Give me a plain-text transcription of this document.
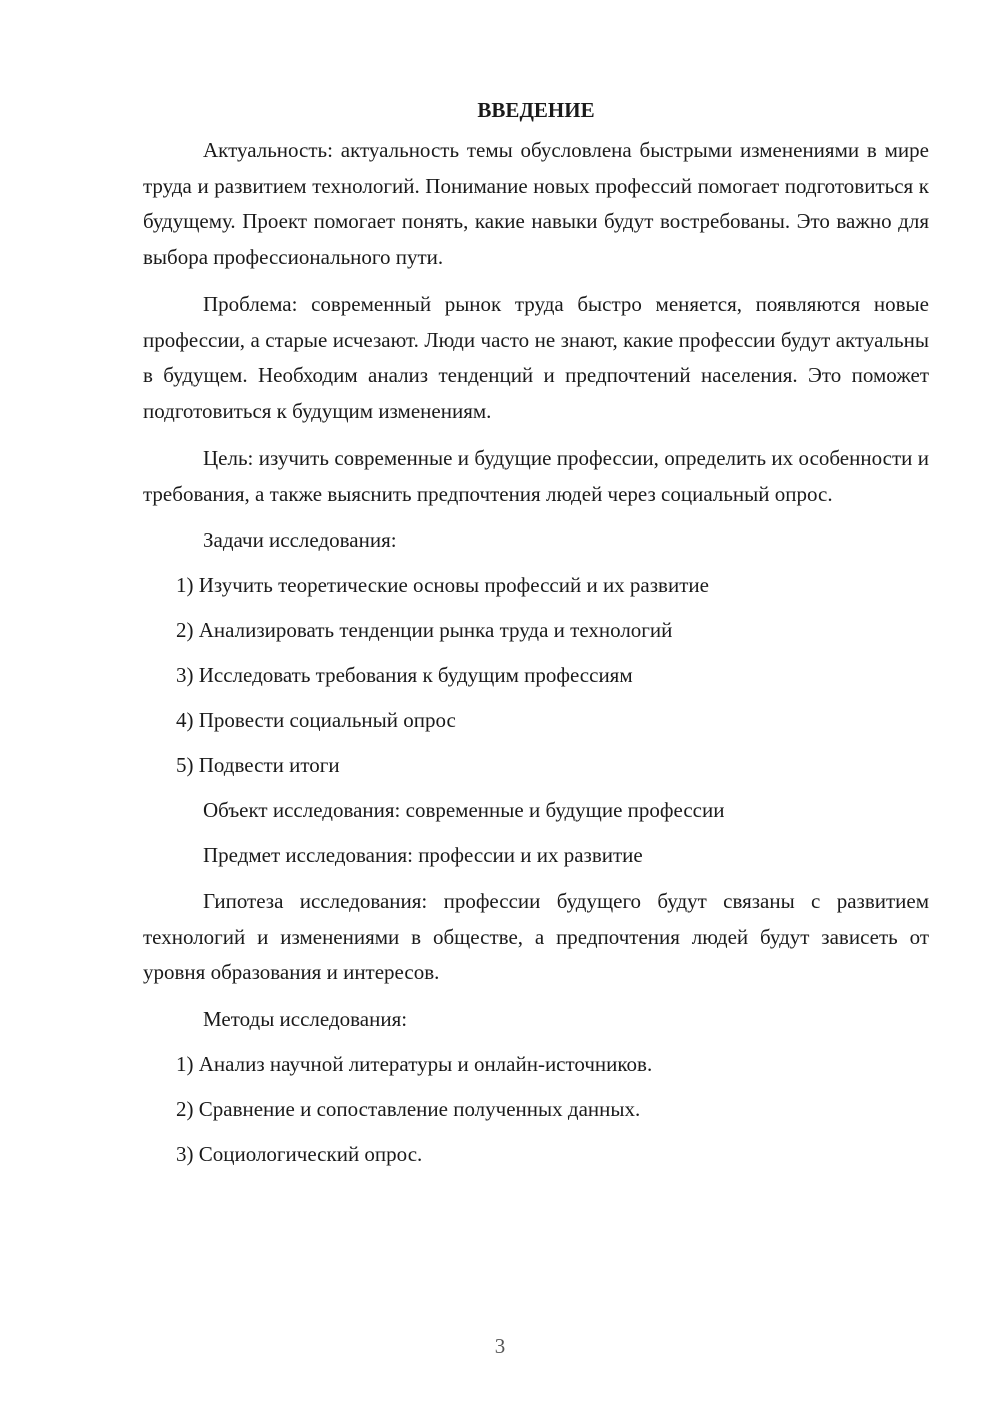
ВВЕДЕНИЕ

Актуальность: актуальность темы обусловлена быстрыми изменениями в мире труда и развитием технологий. Понимание новых профессий помогает подготовиться к будущему. Проект помогает понять, какие навыки будут востребованы. Это важно для выбора профессионального пути.

Проблема: современный рынок труда быстро меняется, появляются новые профессии, а старые исчезают. Люди часто не знают, какие профессии будут актуальны в будущем. Необходим анализ тенденций и предпочтений населения. Это поможет подготовиться к будущим изменениям.

Цель: изучить современные и будущие профессии, определить их особенности и требования, а также выяснить предпочтения людей через социальный опрос.

Задачи исследования:
1) Изучить теоретические основы профессий и их развитие
2) Анализировать тенденции рынка труда и технологий
3) Исследовать требования к будущим профессиям
4) Провести социальный опрос
5) Подвести итоги
Объект исследования: современные и будущие профессии
Предмет исследования: профессии и их развитие

Гипотеза исследования: профессии будущего будут связаны с развитием технологий и изменениями в обществе, а предпочтения людей будут зависеть от уровня образования и интересов.

Методы исследования:
1) Анализ научной литературы и онлайн-источников.
2) Сравнение и сопоставление полученных данных.
3) Социологический опрос.
3
